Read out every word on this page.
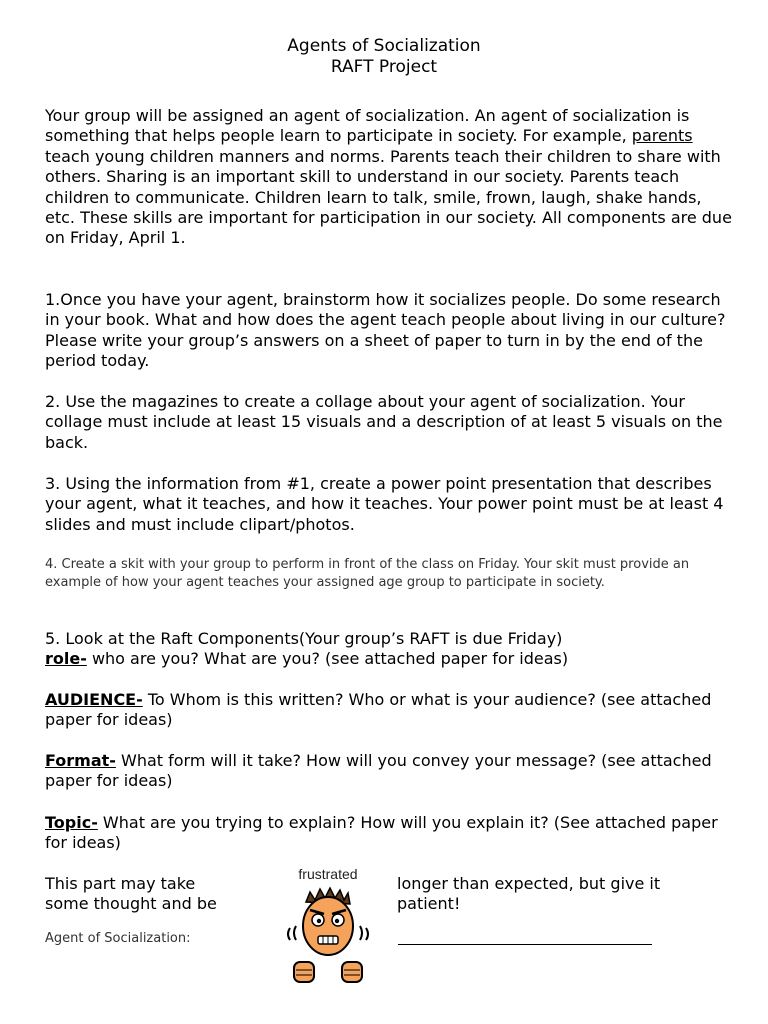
Agents of Socialization
RAFT Project
Your group will be assigned an agent of socialization. An agent of socialization is something that helps people learn to participate in society. For example, parents teach young children manners and norms. Parents teach their children to share with others. Sharing is an important skill to understand in our society. Parents teach children to communicate. Children learn to talk, smile, frown, laugh, shake hands, etc. These skills are important for participation in our society. All components are due on Friday, April 1.
1.Once you have your agent, brainstorm how it socializes people. Do some research in your book. What and how does the agent teach people about living in our culture? Please write your group’s answers on a sheet of paper to turn in by the end of the period today.
2. Use the magazines to create a collage about your agent of socialization. Your collage must include at least 15 visuals and a description of at least 5 visuals on the back.
3. Using the information from #1, create a power point presentation that describes your agent, what it teaches, and how it teaches. Your power point must be at least 4 slides and must include clipart/photos.
4. Create a skit with your group to perform in front of the class on Friday. Your skit must provide an example of how your agent teaches your assigned age group to participate in society.
5. Look at the Raft Components(Your group’s RAFT is due Friday)
role- who are you? What are you? (see attached paper for ideas)
AUDIENCE- To Whom is this written? Who or what is your audience? (see attached paper for ideas)
Format- What form will it take? How will you convey your message? (see attached paper for ideas)
Topic- What are you trying to explain? How will you explain it? (See attached paper for ideas)
This part may take
some thought and be
longer than expected, but give it
patient!
Agent of Socialization:
frustrated
